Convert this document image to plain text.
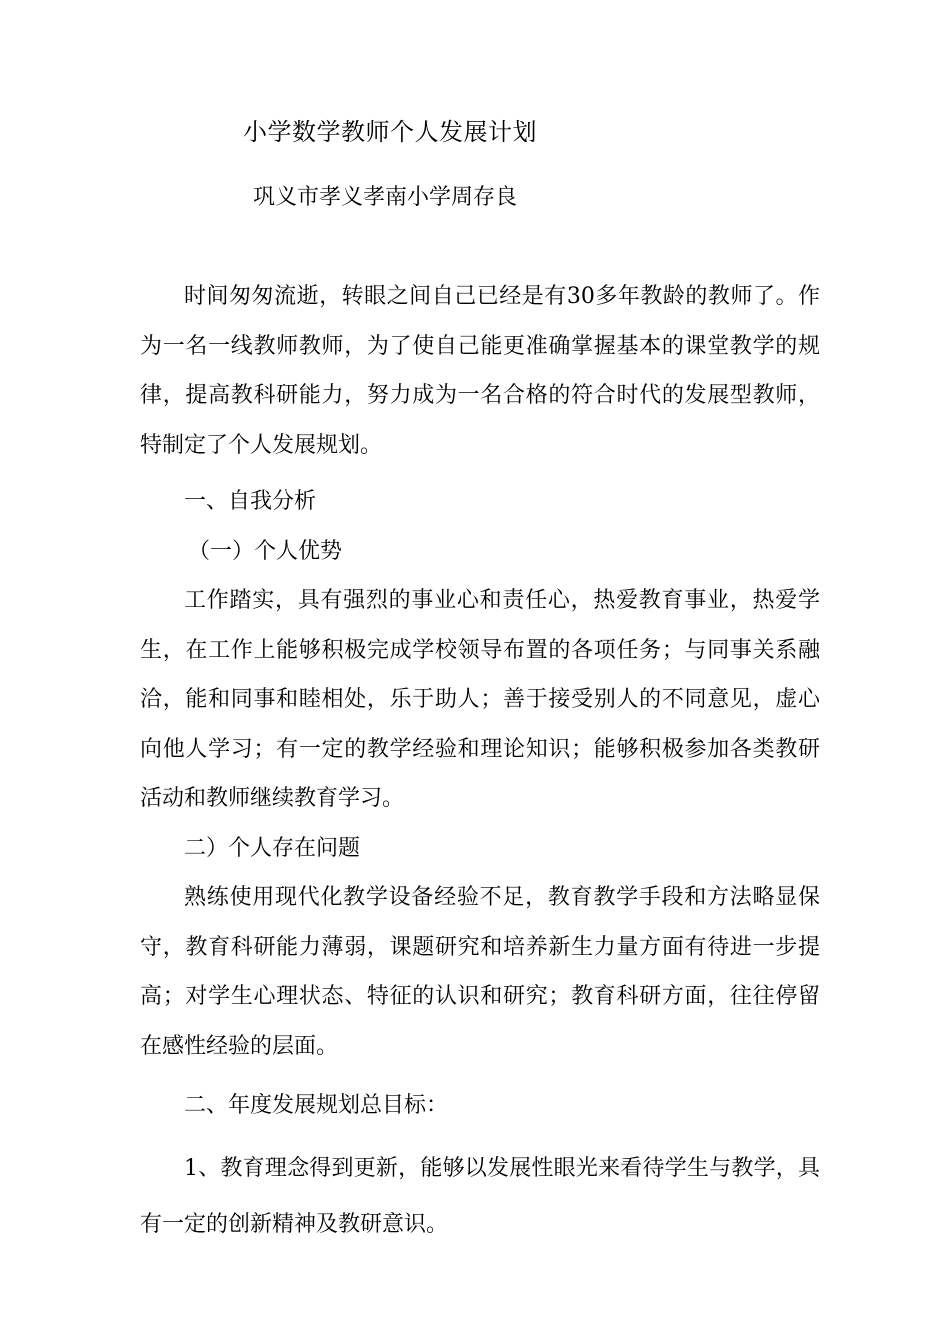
小学数学教师个人发展计划
巩义市孝义孝南小学周存良

时间匆匆流逝，转眼之间自己已经是有30多年教龄的教师了。作为一名一线教师教师，为了使自己能更准确掌握基本的课堂教学的规律，提高教科研能力，努力成为一名合格的符合时代的发展型教师，特制定了个人发展规划。

一、自我分析

（一）个人优势

工作踏实，具有强烈的事业心和责任心，热爱教育事业，热爱学生，在工作上能够积极完成学校领导布置的各项任务；与同事关系融洽，能和同事和睦相处，乐于助人；善于接受别人的不同意见，虚心向他人学习；有一定的教学经验和理论知识；能够积极参加各类教研活动和教师继续教育学习。

二）个人存在问题

熟练使用现代化教学设备经验不足，教育教学手段和方法略显保守，教育科研能力薄弱，课题研究和培养新生力量方面有待进一步提高；对学生心理状态、特征的认识和研究；教育科研方面，往往停留在感性经验的层面。

二、年度发展规划总目标：

1、教育理念得到更新，能够以发展性眼光来看待学生与教学，具有一定的创新精神及教研意识。
